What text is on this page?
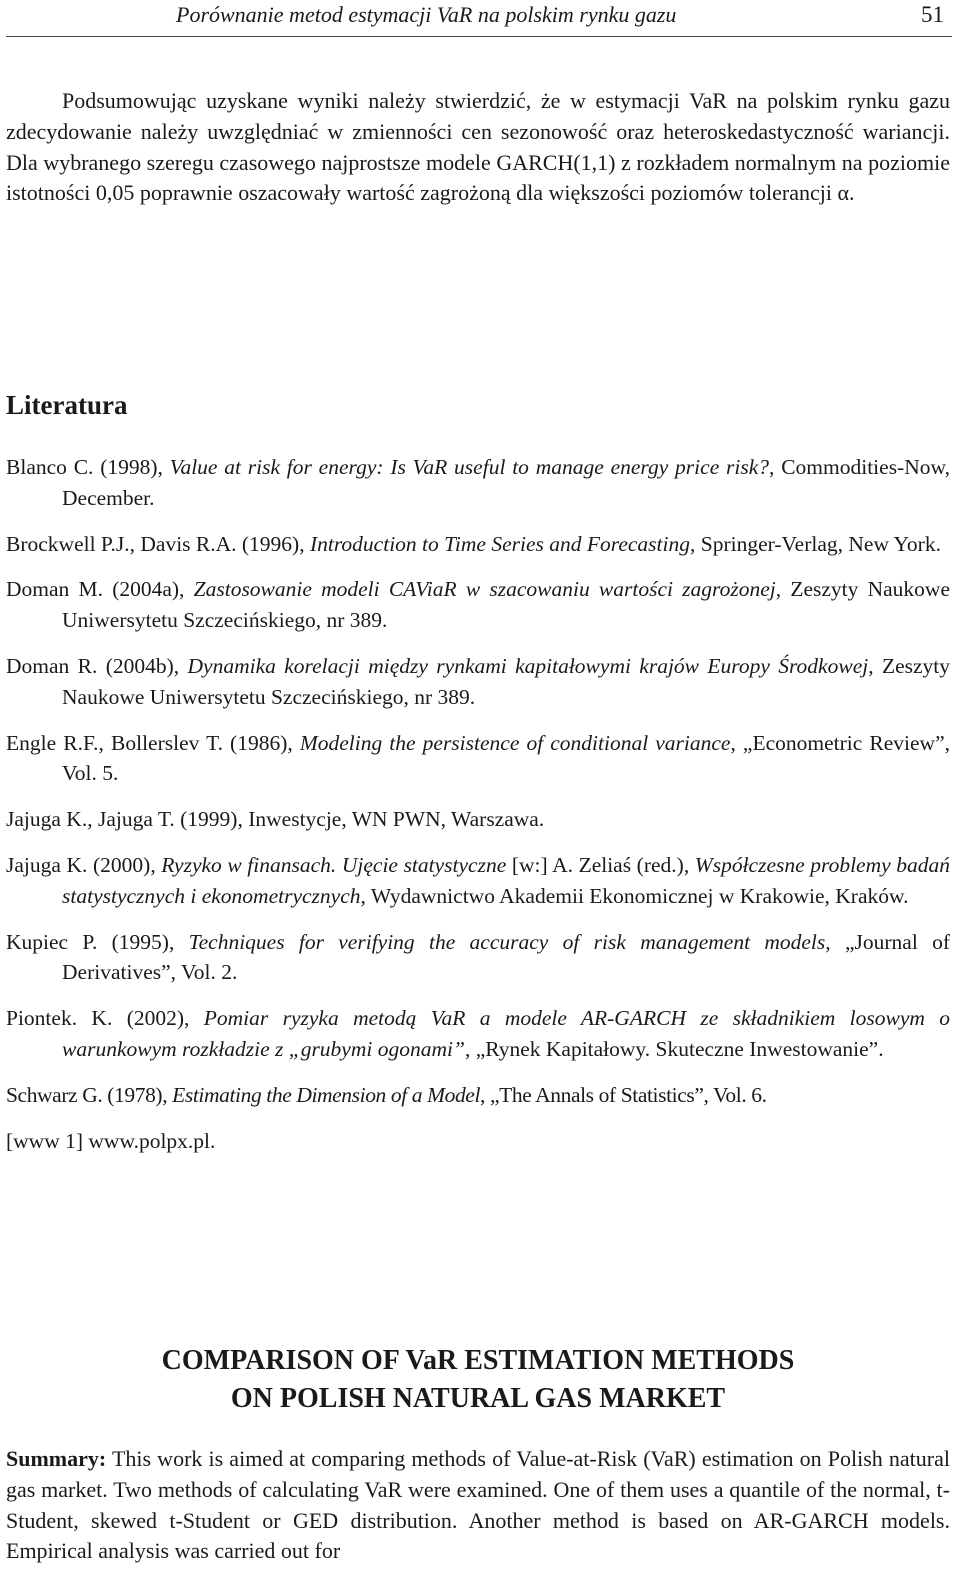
Porównanie metod estymacji VaR na polskim rynku gazu	51

Podsumowując uzyskane wyniki należy stwierdzić, że w estymacji VaR na polskim rynku gazu zdecydowanie należy uwzględniać w zmienności cen sezonowość oraz heteroskedastyczność wariancji. Dla wybranego szeregu czasowego najprostsze modele GARCH(1,1) z rozkładem normalnym na poziomie istotności 0,05 poprawnie oszacowały wartość zagrożoną dla większości poziomów tolerancji α.

Literatura

Blanco C. (1998), Value at risk for energy: Is VaR useful to manage energy price risk?, Commodities-Now, December.

Brockwell P.J., Davis R.A. (1996), Introduction to Time Series and Forecasting, Springer-Verlag, New York.

Doman M. (2004a), Zastosowanie modeli CAViaR w szacowaniu wartości zagrożonej, Zeszyty Naukowe Uniwersytetu Szczecińskiego, nr 389.

Doman R. (2004b), Dynamika korelacji między rynkami kapitałowymi krajów Europy Środkowej, Zeszyty Naukowe Uniwersytetu Szczecińskiego, nr 389.

Engle R.F., Bollerslev T. (1986), Modeling the persistence of conditional variance, „Econometric Review”, Vol. 5.

Jajuga K., Jajuga T. (1999), Inwestycje, WN PWN, Warszawa.

Jajuga K. (2000), Ryzyko w finansach. Ujęcie statystyczne [w:] A. Zeliaś (red.), Współczesne problemy badań statystycznych i ekonometrycznych, Wydawnictwo Akademii Ekonomicznej w Krakowie, Kraków.

Kupiec P. (1995), Techniques for verifying the accuracy of risk management models, „Journal of Derivatives”, Vol. 2.

Piontek. K. (2002), Pomiar ryzyka metodą VaR a modele AR-GARCH ze składnikiem losowym o warunkowym rozkładzie z „grubymi ogonami”, „Rynek Kapitałowy. Skuteczne Inwestowanie”.

Schwarz G. (1978), Estimating the Dimension of a Model, „The Annals of Statistics”, Vol. 6.

[www 1] www.polpx.pl.

COMPARISON OF VaR ESTIMATION METHODS
ON POLISH NATURAL GAS MARKET

Summary: This work is aimed at comparing methods of Value-at-Risk (VaR) estimation on Polish natural gas market. Two methods of calculating VaR were examined. One of them uses a quantile of the normal, t-Student, skewed t-Student or GED distribution. Another method is based on AR-GARCH models. Empirical analysis was carried out for
